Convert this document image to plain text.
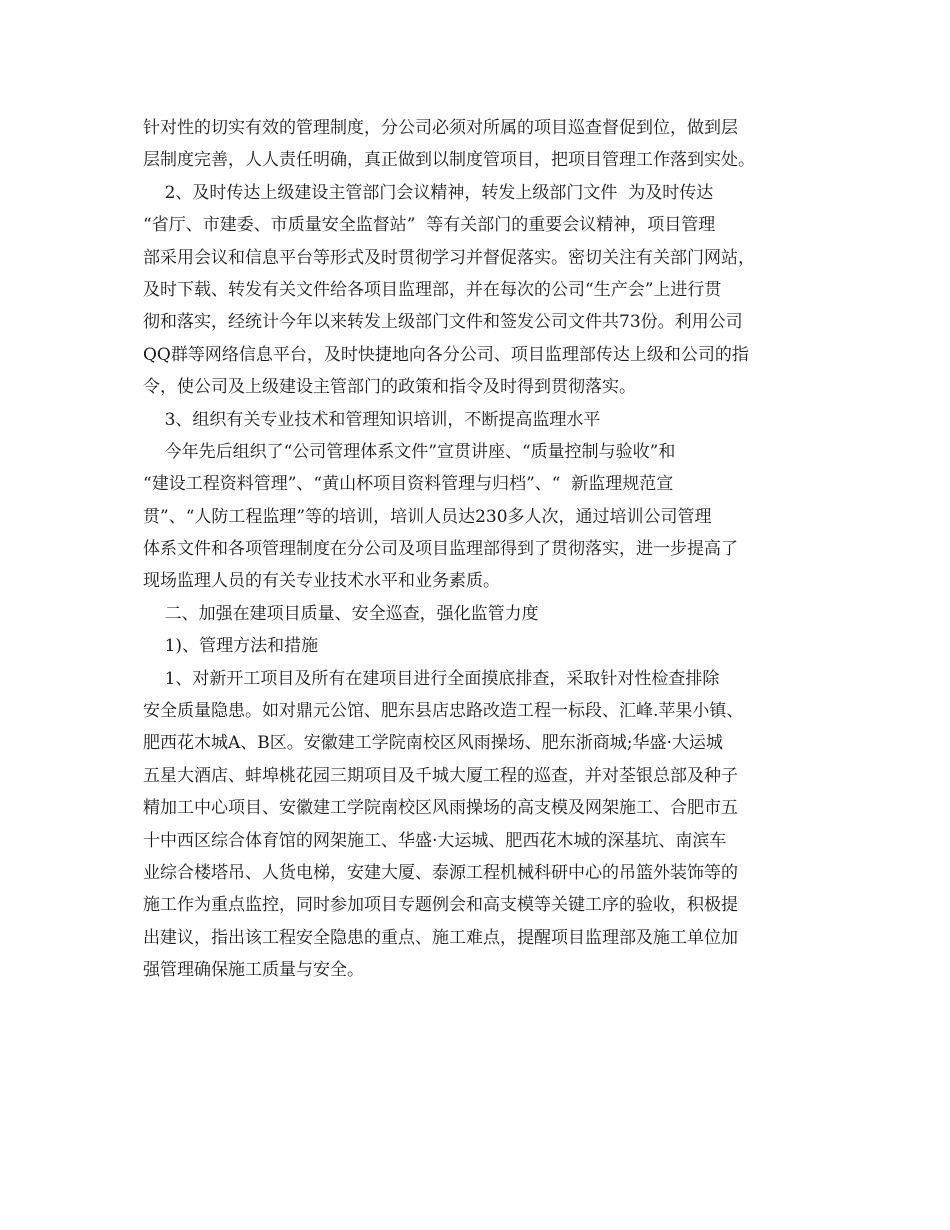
针对性的切实有效的管理制度，分公司必须对所属的项目巡查督促到位，做到层
层制度完善，人人责任明确，真正做到以制度管项目，把项目管理工作落到实处。
2、及时传达上级建设主管部门会议精神，转发上级部门文件  为及时传达
“省厅、市建委、市质量安全监督站”  等有关部门的重要会议精神，项目管理
部采用会议和信息平台等形式及时贯彻学习并督促落实。密切关注有关部门网站，
及时下载、转发有关文件给各项目监理部，并在每次的公司“生产会”上进行贯
彻和落实，经统计今年以来转发上级部门文件和签发公司文件共73份。利用公司
QQ群等网络信息平台，及时快捷地向各分公司、项目监理部传达上级和公司的指
令，使公司及上级建设主管部门的政策和指令及时得到贯彻落实。
3、组织有关专业技术和管理知识培训，不断提高监理水平
今年先后组织了“公司管理体系文件”宣贯讲座、“质量控制与验收”和
“建设工程资料管理”、“黄山杯项目资料管理与归档”、“  新监理规范宣
贯”、“人防工程监理”等的培训，培训人员达230多人次，通过培训公司管理
体系文件和各项管理制度在分公司及项目监理部得到了贯彻落实，进一步提高了
现场监理人员的有关专业技术水平和业务素质。
二、加强在建项目质量、安全巡查，强化监管力度
1)、管理方法和措施
1、对新开工项目及所有在建项目进行全面摸底排查，采取针对性检查排除
安全质量隐患。如对鼎元公馆、肥东县店忠路改造工程一标段、汇峰.苹果小镇、
肥西花木城A、B区。安徽建工学院南校区风雨操场、肥东浙商城;华盛·大运城
五星大酒店、蚌埠桃花园三期项目及千城大厦工程的巡查，并对荃银总部及种子
精加工中心项目、安徽建工学院南校区风雨操场的高支模及网架施工、合肥市五
十中西区综合体育馆的网架施工、华盛·大运城、肥西花木城的深基坑、南滨车
业综合楼塔吊、人货电梯，安建大厦、泰源工程机械科研中心的吊篮外装饰等的
施工作为重点监控，同时参加项目专题例会和高支模等关键工序的验收，积极提
出建议，指出该工程安全隐患的重点、施工难点，提醒项目监理部及施工单位加
强管理确保施工质量与安全。
